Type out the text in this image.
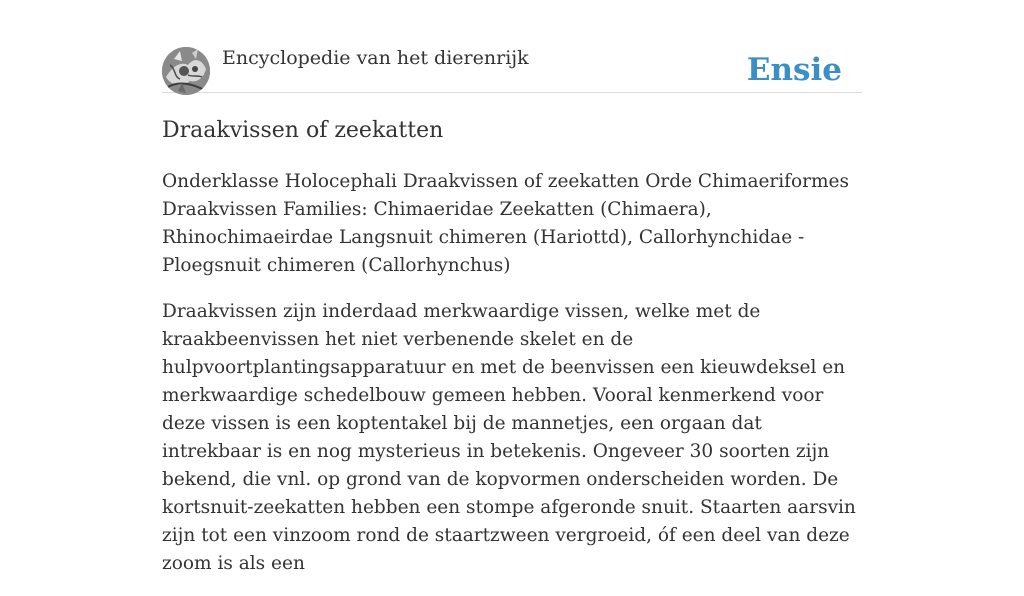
Encyclopedie van het dierenrijk	Ensie
Draakvissen of zeekatten

Onderklasse Holocephali Draakvissen of zeekatten Orde Chimaeriformes Draakvissen Families: Chimaeridae Zeekatten (Chimaera), Rhinochimaeirdae Langsnuit chimeren (Hariottd), Callorhynchidae -Ploegsnuit chimeren (Callorhynchus)

Draakvissen zijn inderdaad merkwaardige vissen, welke met de kraakbeenvissen het niet verbenende skelet en de hulpvoortplantingsapparatuur en met de beenvissen een kieuwdeksel en merkwaardige schedelbouw gemeen hebben. Vooral kenmerkend voor deze vissen is een koptentakel bij de mannetjes, een orgaan dat intrekbaar is en nog mysterieus in betekenis. Ongeveer 30 soorten zijn bekend, die vnl. op grond van de kopvormen onderscheiden worden. De kortsnuit-zeekatten hebben een stompe afgeronde snuit. Staarten aarsvin zijn tot een vinzoom rond de staartzween vergroeid, óf een deel van deze zoom is als een
